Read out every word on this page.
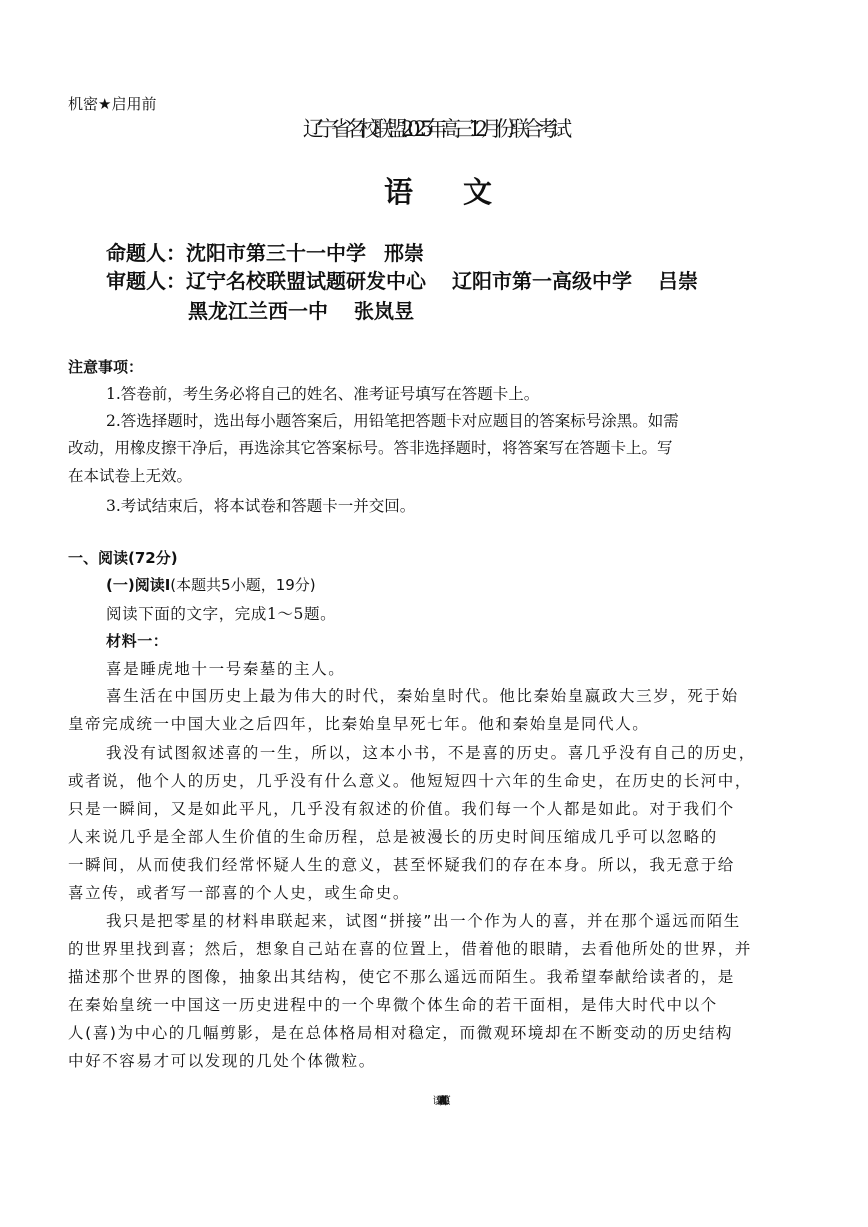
机密★启用前
辽宁省名校联盟2025年高三12月份联合考试
语 文
命题人：沈阳市第三十一中学 邢崇
审题人：辽宁名校联盟试题研发中心 辽阳市第一高级中学 吕崇
黑龙江兰西一中 张岚昱
注意事项：
1.答卷前，考生务必将自己的姓名、准考证号填写在答题卡上。
2.答选择题时，选出每小题答案后，用铅笔把答题卡对应题目的答案标号涂黑。如需
改动，用橡皮擦干净后，再选涂其它答案标号。答非选择题时，将答案写在答题卡上。写
在本试卷上无效。
3.考试结束后，将本试卷和答题卡一并交回。
一、阅读(72分)
(一)阅读Ⅰ(本题共5小题，19分)
阅读下面的文字，完成1～5题。
材料一：
喜是睡虎地十一号秦墓的主人。
喜生活在中国历史上最为伟大的时代，秦始皇时代。他比秦始皇嬴政大三岁，死于始
皇帝完成统一中国大业之后四年，比秦始皇早死七年。他和秦始皇是同代人。
我没有试图叙述喜的一生，所以，这本小书，不是喜的历史。喜几乎没有自己的历史，
或者说，他个人的历史，几乎没有什么意义。他短短四十六年的生命史，在历史的长河中，
只是一瞬间，又是如此平凡，几乎没有叙述的价值。我们每一个人都是如此。对于我们个
人来说几乎是全部人生价值的生命历程，总是被漫长的历史时间压缩成几乎可以忽略的
一瞬间，从而使我们经常怀疑人生的意义，甚至怀疑我们的存在本身。所以，我无意于给
喜立传，或者写一部喜的个人史，或生命史。
我只是把零星的材料串联起来，试图“拼接”出一个作为人的喜，并在那个遥远而陌生
的世界里找到喜；然后，想象自己站在喜的位置上，借着他的眼睛，去看他所处的世界，并
描述那个世界的图像，抽象出其结构，使它不那么遥远而陌生。我希望奉献给读者的，是
在秦始皇统一中国这一历史进程中的一个卑微个体生命的若干面相，是伟大时代中以个
人(喜)为中心的几幅剪影，是在总体格局相对稳定，而微观环境却在不断变动的历史结构
中好不容易才可以发现的几处个体微粒。
语文试题第1页(共10页)
